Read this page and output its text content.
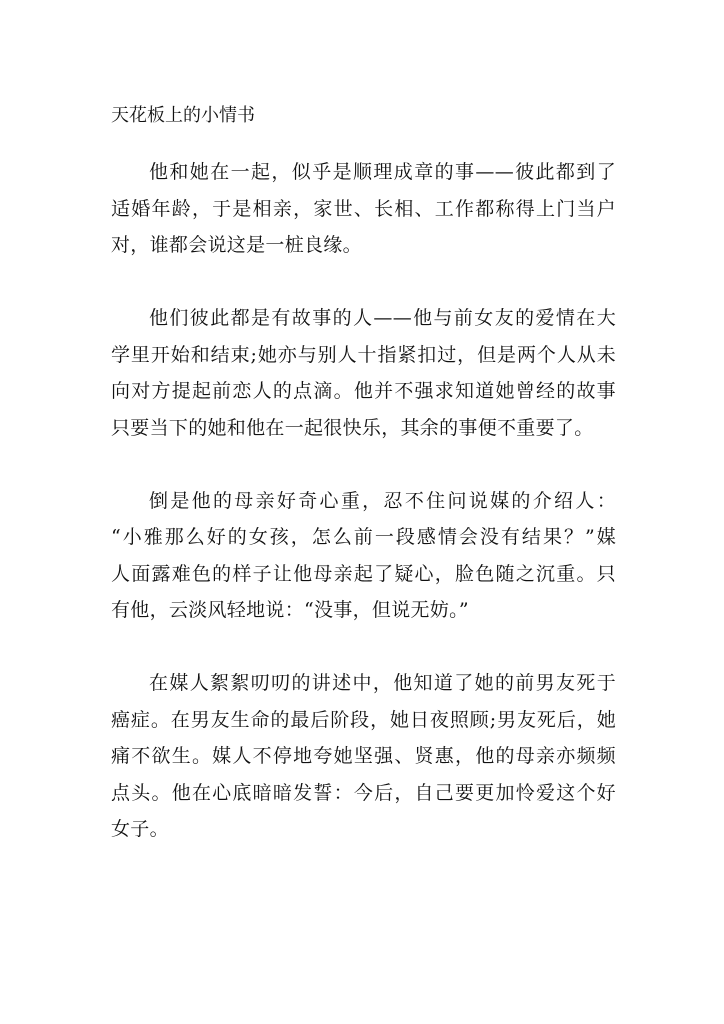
天花板上的小情书

他和她在一起，似乎是顺理成章的事——彼此都到了

适婚年龄，于是相亲，家世、长相、工作都称得上门当户

对，谁都会说这是一桩良缘。

他们彼此都是有故事的人——他与前女友的爱情在大

学里开始和结束;她亦与别人十指紧扣过，但是两个人从未

向对方提起前恋人的点滴。他并不强求知道她曾经的故事

只要当下的她和他在一起很快乐，其余的事便不重要了。

倒是他的母亲好奇心重，忍不住问说媒的介绍人：

“小雅那么好的女孩，怎么前一段感情会没有结果？”媒

人面露难色的样子让他母亲起了疑心，脸色随之沉重。只

有他，云淡风轻地说：“没事，但说无妨。”

在媒人絮絮叨叨的讲述中，他知道了她的前男友死于

癌症。在男友生命的最后阶段，她日夜照顾;男友死后，她

痛不欲生。媒人不停地夸她坚强、贤惠，他的母亲亦频频

点头。他在心底暗暗发誓：今后，自己要更加怜爱这个好

女子。
